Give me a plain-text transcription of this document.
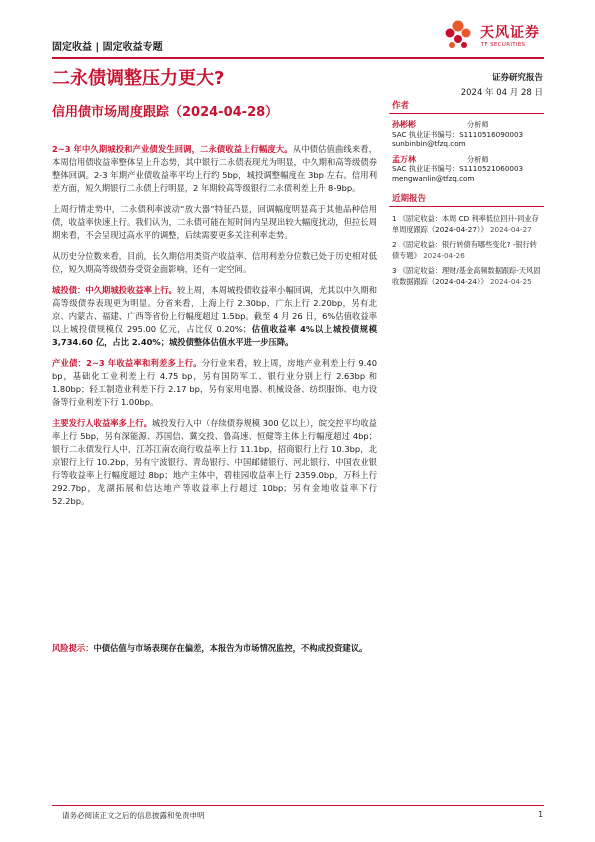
固定收益 | 固定收益专题
天风证券
TF SECURITIES
二永债调整压力更大?
信用债市场周度跟踪（2024-04-28）
证券研究报告
2024 年 04 月 28 日

2~3 年中久期城投和产业债发生回调，二永债收益上行幅度大。从中债估值曲线来看，本周信用债收益率整体呈上升态势，其中银行二永债表现尤为明显，中久期和高等级债券整体回调。2-3 年期产业债收益率平均上行约 5bp，城投调整幅度在 3bp 左右。信用利差方面，短久期银行二永债上行明显，2 年期较高等级银行二永债利差上升 8-9bp。

上周行情走势中，二永债利率波动“放大器”特征凸显，回调幅度明显高于其他品种信用债，收益率快速上行。我们认为，二永债可能在短时间内呈现出较大幅度扰动，但拉长周期来看，不会呈现过高水平的调整，后续需要更多关注利率走势。

从历史分位数来看，目前，长久期信用类资产收益率、信用利差分位数已处于历史相对低位，短久期高等级债券受资金面影响，还有一定空间。

城投债：中久期城投收益率上行。较上周，本周城投债收益率小幅回调，尤其以中久期和高等级债券表现更为明显。分省来看，上海上行 2.30bp，广东上行 2.20bp，另有北京、内蒙古、福建、广西等省份上行幅度超过 1.5bp。截至 4 月 26 日，6%估值收益率以上城投债规模仅 295.00 亿元，占比仅 0.20%；估值收益率 4%以上城投债规模 3,734.60 亿，占比 2.40%；城投债整体估值水平进一步压降。

产业债：2~3 年收益率和利差多上行。分行业来看，较上周，房地产业利差上行 9.40 bp，基础化工业利差上行 4.75 bp，另有国防军工、银行业分别上行 2.63bp 和 1.80bp；轻工制造业利差下行 2.17 bp，另有家用电器、机械设备、纺织服饰、电力设备等行业利差下行 1.00bp。

主要发行人收益率多上行。城投发行人中（存续债券规模 300 亿以上），皖交控平均收益率上行 5bp，另有深能源、苏国信、冀交投、鲁高速、恒健等主体上行幅度超过 4bp；银行二永债发行人中，江苏江南农商行收益率上行 11.1bp，招商银行上行 10.3bp，北京银行上行 10.2bp，另有宁波银行、青岛银行、中国邮储银行、河北银行、中国农业银行等收益率上行幅度超过 8bp；地产主体中，碧桂园收益率上行 2359.0bp，万科上行 292.7bp，龙湖拓展和信达地产等收益率上行超过 10bp；另有金地收益率下行 52.2bp。

作者
孙彬彬	分析师
SAC 执业证书编号：S1110516090003
sunbinbin@tfzq.com
孟万林	分析师
SAC 执业证书编号：S1110521060003
mengwanlin@tfzq.com
近期报告
1 《固定收益：本周 CD 利率低位回升-同业存单周度跟踪（2024-04-27）》 2024-04-27
2 《固定收益：银行转债有哪些变化? -银行转债专题》 2024-04-26
3 《固定收益：理财/基金高频数据跟踪-天风固收数据跟踪（2024-04-24）》 2024-04-25
风险提示：中债估值与市场表现存在偏差，本报告为市场情况监控，不构成投资建议。
请务必阅读正文之后的信息披露和免责申明	1
